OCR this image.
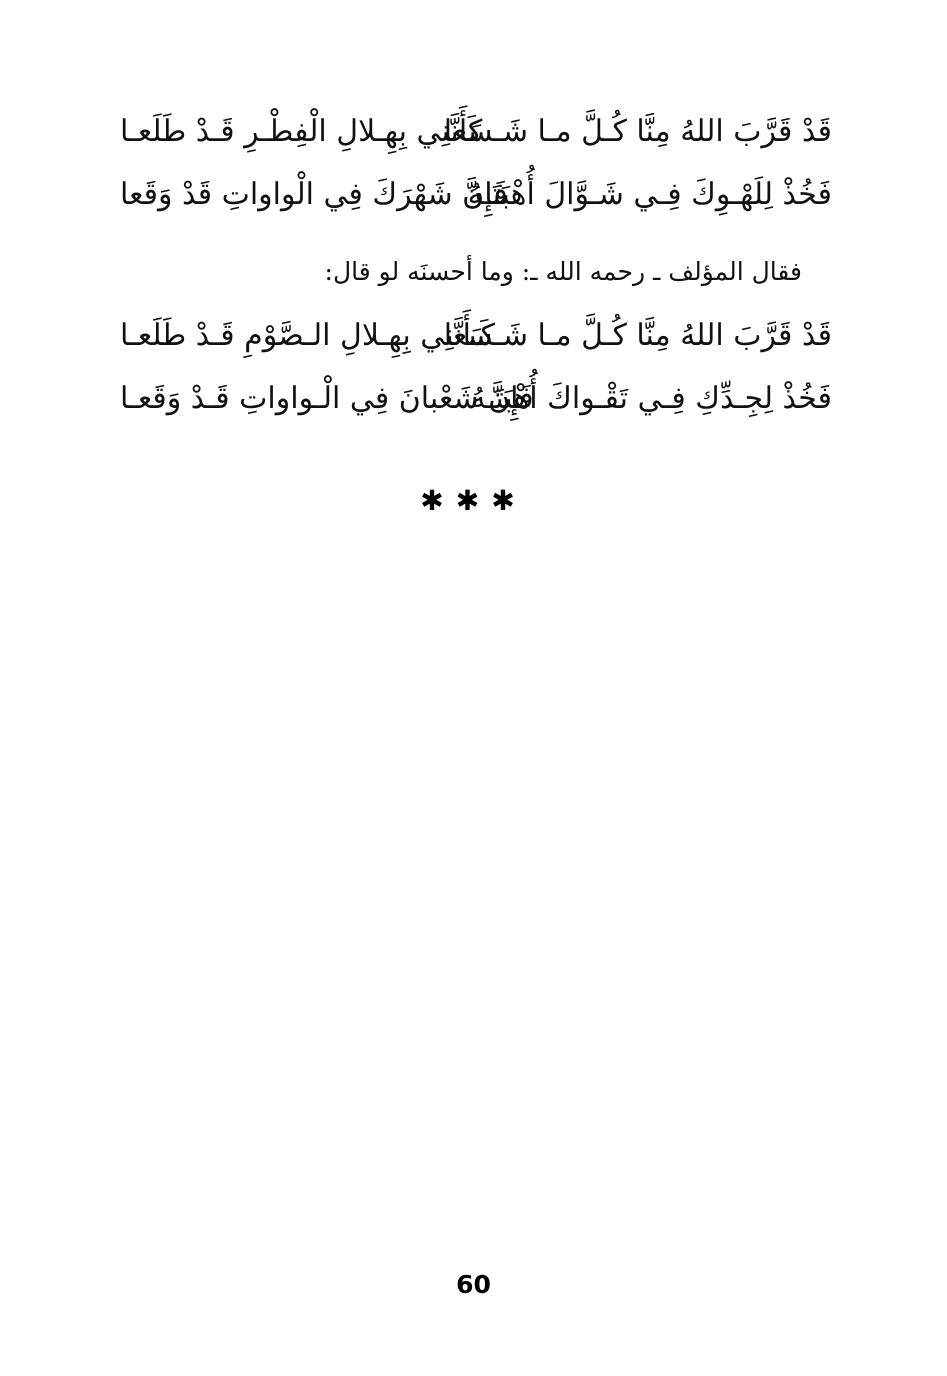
قَدْ قَرَّبَ اللهُ مِنَّا كُـلَّ مـا شَـسَعا
كَأَنَّنِي بِهِـلالِ الْفِطْـرِ قَـدْ طَلَعـا
فَخُذْ لِلَهْـوِكَ فِـي شَـوَّالَ أُهْبَتَـهُ
فَإِنَّ شَهْرَكَ فِي الْواواتِ قَدْ وَقَعا
فقال المؤلف ـ رحمه الله ـ: وما أحسنَه لو قال:
قَدْ قَرَّبَ اللهُ مِنَّا كُـلَّ مـا شَـسَعا
كَـأَنَّنِي بِهِـلالِ الـصَّوْمِ قَـدْ طَلَعـا
فَخُذْ لِجِـدِّكِ فِـي تَقْـواكَ أُهْبَتَـهُ
فَإِنَّ شَعْبانَ فِي الْـواواتِ قَـدْ وَقَعـا
✱✱✱
60
